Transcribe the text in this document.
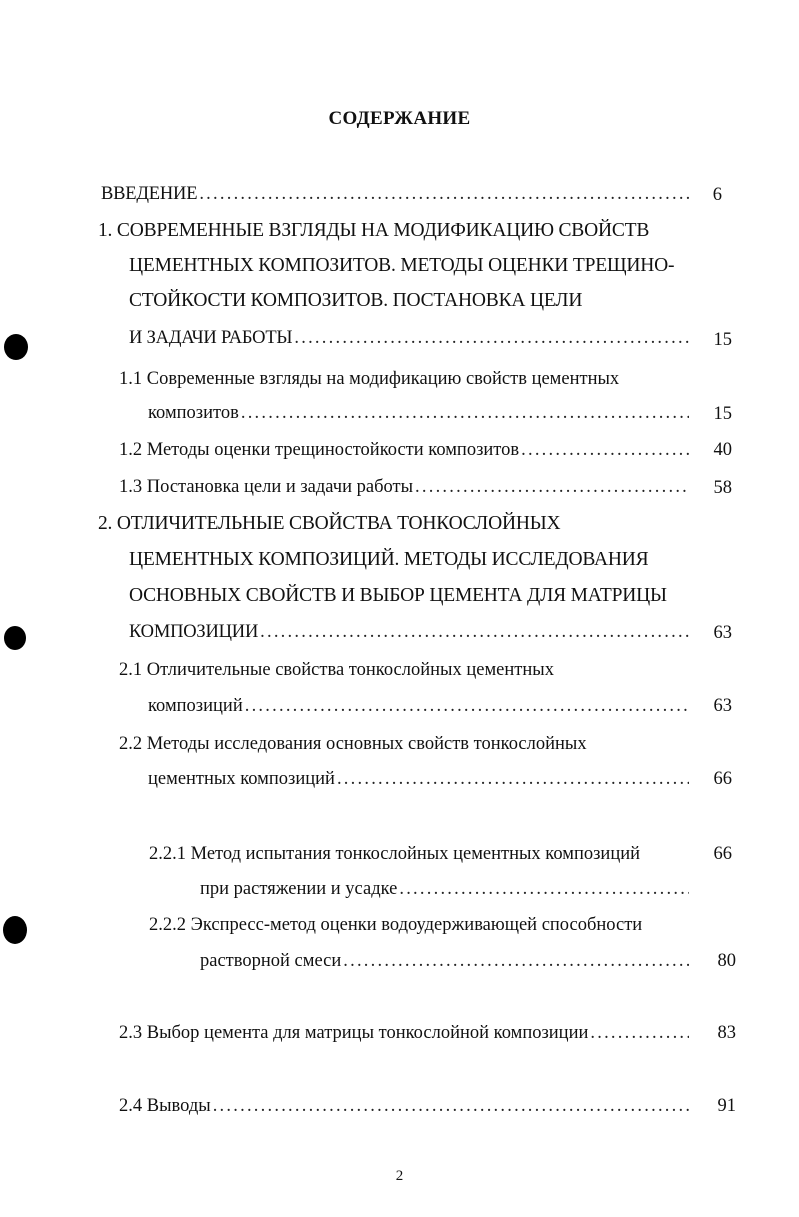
СОДЕРЖАНИЕ
ВВЕДЕНИЕ . . .	6
1. СОВРЕМЕННЫЕ ВЗГЛЯДЫ НА МОДИФИКАЦИЮ СВОЙСТВ
ЦЕМЕНТНЫХ КОМПОЗИТОВ. МЕТОДЫ ОЦЕНКИ ТРЕЩИНО-
СТОЙКОСТИ КОМПОЗИТОВ. ПОСТАНОВКА ЦЕЛИ
И ЗАДАЧИ РАБОТЫ . . .	15
1.1 Современные взгляды на модификацию свойств цементных
композитов . . .	15
1.2 Методы оценки трещиностойкости композитов . . .	40
1.3 Постановка цели и задачи работы . . .	58
2. ОТЛИЧИТЕЛЬНЫЕ СВОЙСТВА ТОНКОСЛОЙНЫХ
ЦЕМЕНТНЫХ КОМПОЗИЦИЙ. МЕТОДЫ ИССЛЕДОВАНИЯ
ОСНОВНЫХ СВОЙСТВ И ВЫБОР ЦЕМЕНТА ДЛЯ МАТРИЦЫ
КОМПОЗИЦИИ . . .	63
2.1 Отличительные свойства тонкослойных цементных
композиций . . .	63
2.2 Методы исследования основных свойств тонкослойных
цементных композиций . . .	66
2.2.1 Метод испытания тонкослойных цементных композиций	66
при растяжении и усадке
. . .
2.2.2 Экспресс-метод оценки водоудерживающей способности
растворной смеси . . .	80
2.3 Выбор цемента для матрицы тонкослойной композиции . . .	83
2.4 Выводы . . .	91
2
